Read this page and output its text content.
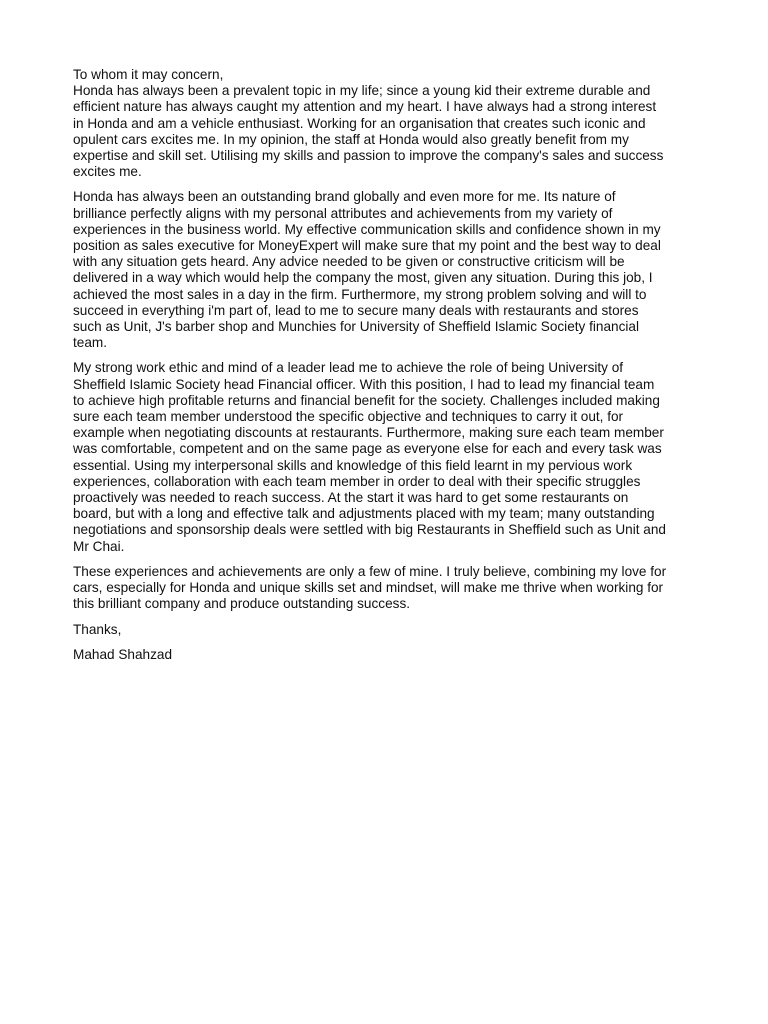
To whom it may concern,
Honda has always been a prevalent topic in my life; since a young kid their extreme durable and
efficient nature has always caught my attention and my heart. I have always had a strong interest
in Honda and am a vehicle enthusiast. Working for an organisation that creates such iconic and
opulent cars excites me. In my opinion, the staff at Honda would also greatly benefit from my
expertise and skill set. Utilising my skills and passion to improve the company's sales and success
excites me.
Honda has always been an outstanding brand globally and even more for me. Its nature of
brilliance perfectly aligns with my personal attributes and achievements from my variety of
experiences in the business world. My effective communication skills and confidence shown in my
position as sales executive for MoneyExpert will make sure that my point and the best way to deal
with any situation gets heard. Any advice needed to be given or constructive criticism will be
delivered in a way which would help the company the most, given any situation. During this job, I
achieved the most sales in a day in the firm. Furthermore, my strong problem solving and will to
succeed in everything i'm part of, lead to me to secure many deals with restaurants and stores
such as Unit, J's barber shop and Munchies for University of Sheffield Islamic Society financial
team.
My strong work ethic and mind of a leader lead me to achieve the role of being University of
Sheffield Islamic Society head Financial officer. With this position, I had to lead my financial team
to achieve high profitable returns and financial benefit for the society. Challenges included making
sure each team member understood the specific objective and techniques to carry it out, for
example when negotiating discounts at restaurants. Furthermore, making sure each team member
was comfortable, competent and on the same page as everyone else for each and every task was
essential. Using my interpersonal skills and knowledge of this field learnt in my pervious work
experiences, collaboration with each team member in order to deal with their specific struggles
proactively was needed to reach success. At the start it was hard to get some restaurants on
board, but with a long and effective talk and adjustments placed with my team; many outstanding
negotiations and sponsorship deals were settled with big Restaurants in Sheffield such as Unit and
Mr Chai.
These experiences and achievements are only a few of mine. I truly believe, combining my love for
cars, especially for Honda and unique skills set and mindset, will make me thrive when working for
this brilliant company and produce outstanding success.
Thanks,
Mahad Shahzad
